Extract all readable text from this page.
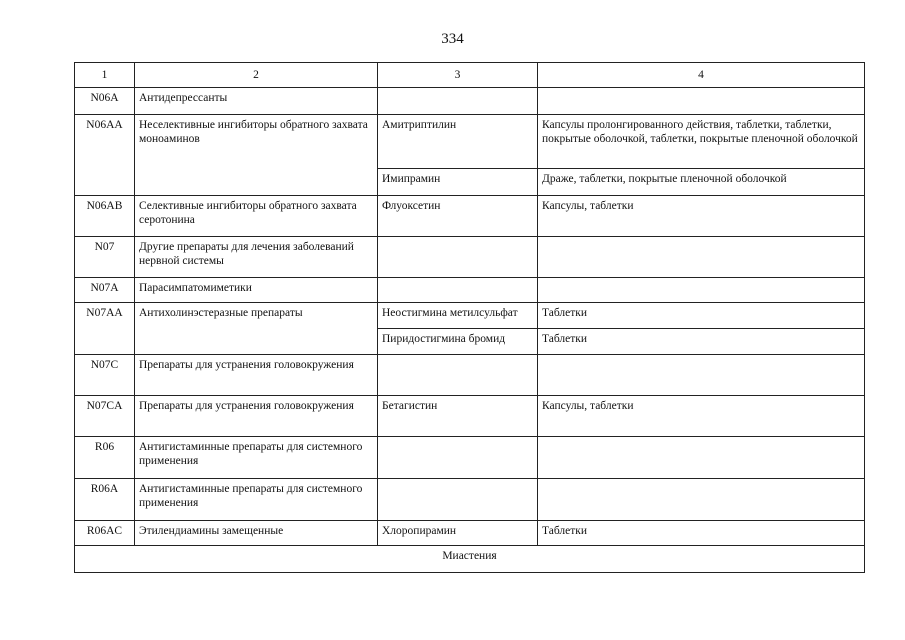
334
1	2	3	4
N06A	Антидепрессанты		
N06AA	Неселективные ингибиторы обратного захвата моноаминов	Амитриптилин	Капсулы пролонгированного действия, таблетки, таблетки, покрытые оболочкой, таблетки, покрытые пленочной оболочкой
		Имипрамин	Драже, таблетки, покрытые пленочной оболочкой
N06AB	Селективные ингибиторы обратного захвата серотонина	Флуоксетин	Капсулы, таблетки
N07	Другие препараты для лечения заболеваний нервной системы		
N07A	Парасимпатомиметики		
N07AA	Антихолинэстеразные препараты	Неостигмина метилсульфат	Таблетки
		Пиридостигмина бромид	Таблетки
N07C	Препараты для устранения головокружения		
N07CA	Препараты для устранения головокружения	Бетагистин	Капсулы, таблетки
R06	Антигистаминные препараты для системного применения		
R06A	Антигистаминные препараты для системного применения		
R06AC	Этилендиамины замещенные	Хлоропирамин	Таблетки
Миастения			
